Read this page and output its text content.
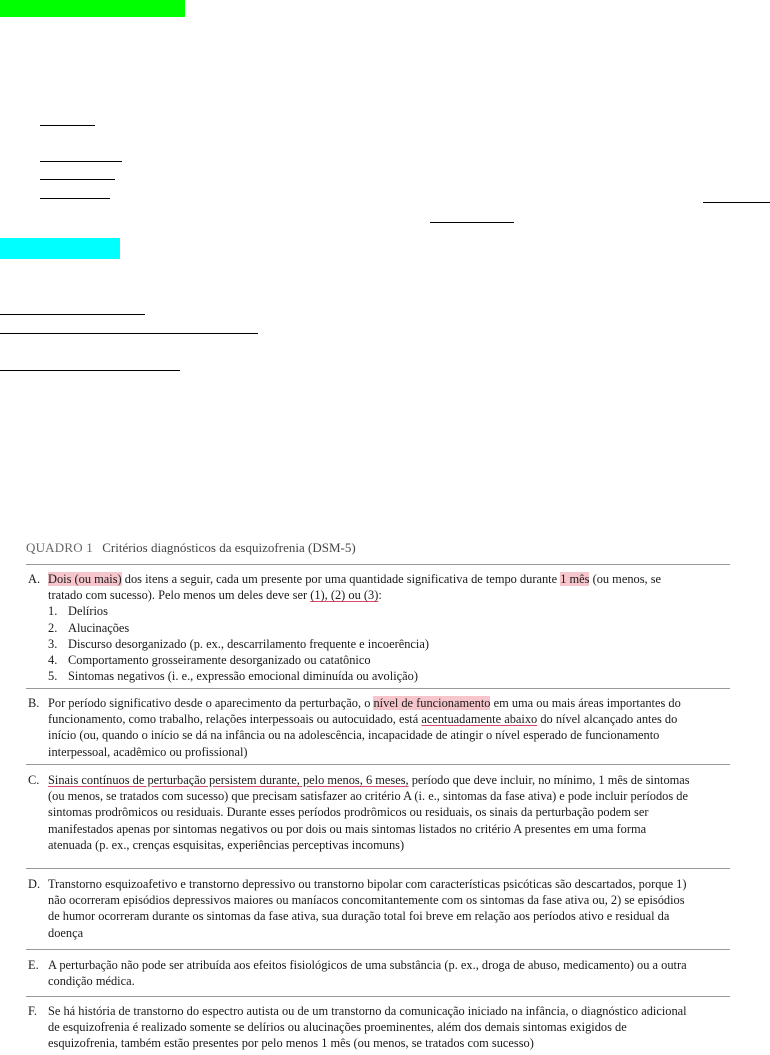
QUADRO 1 Critérios diagnósticos da esquizofrenia (DSM-5)
A. Dois (ou mais) dos itens a seguir, cada um presente por uma quantidade significativa de tempo durante 1 mês (ou menos, se tratado com sucesso). Pelo menos um deles deve ser (1), (2) ou (3):

1. Delírios
2. Alucinações
3. Discurso desorganizado (p. ex., descarrilamento frequente e incoerência)
4. Comportamento grosseiramente desorganizado ou catatônico
5. Sintomas negativos (i. e., expressão emocional diminuída ou avolição)
B. Por período significativo desde o aparecimento da perturbação, o nível de funcionamento em uma ou mais áreas importantes do funcionamento, como trabalho, relações interpessoais ou autocuidado, está acentuadamente abaixo do nível alcançado antes do início (ou, quando o início se dá na infância ou na adolescência, incapacidade de atingir o nível esperado de funcionamento interpessoal, acadêmico ou profissional)

C. Sinais contínuos de perturbação persistem durante, pelo menos, 6 meses, período que deve incluir, no mínimo, 1 mês de sintomas (ou menos, se tratados com sucesso) que precisam satisfazer ao critério A (i. e., sintomas da fase ativa) e pode incluir períodos de sintomas prodrômicos ou residuais. Durante esses períodos prodrômicos ou residuais, os sinais da perturbação podem ser manifestados apenas por sintomas negativos ou por dois ou mais sintomas listados no critério A presentes em uma forma atenuada (p. ex., crenças esquisitas, experiências perceptivas incomuns)

D. Transtorno esquizoafetivo e transtorno depressivo ou transtorno bipolar com características psicóticas são descartados, porque 1) não ocorreram episódios depressivos maiores ou maníacos concomitantemente com os sintomas da fase ativa ou, 2) se episódios de humor ocorreram durante os sintomas da fase ativa, sua duração total foi breve em relação aos períodos ativo e residual da doença

E. A perturbação não pode ser atribuída aos efeitos fisiológicos de uma substância (p. ex., droga de abuso, medicamento) ou a outra condição médica.

F. Se há história de transtorno do espectro autista ou de um transtorno da comunicação iniciado na infância, o diagnóstico adicional de esquizofrenia é realizado somente se delírios ou alucinações proeminentes, além dos demais sintomas exigidos de esquizofrenia, também estão presentes por pelo menos 1 mês (ou menos, se tratados com sucesso)
